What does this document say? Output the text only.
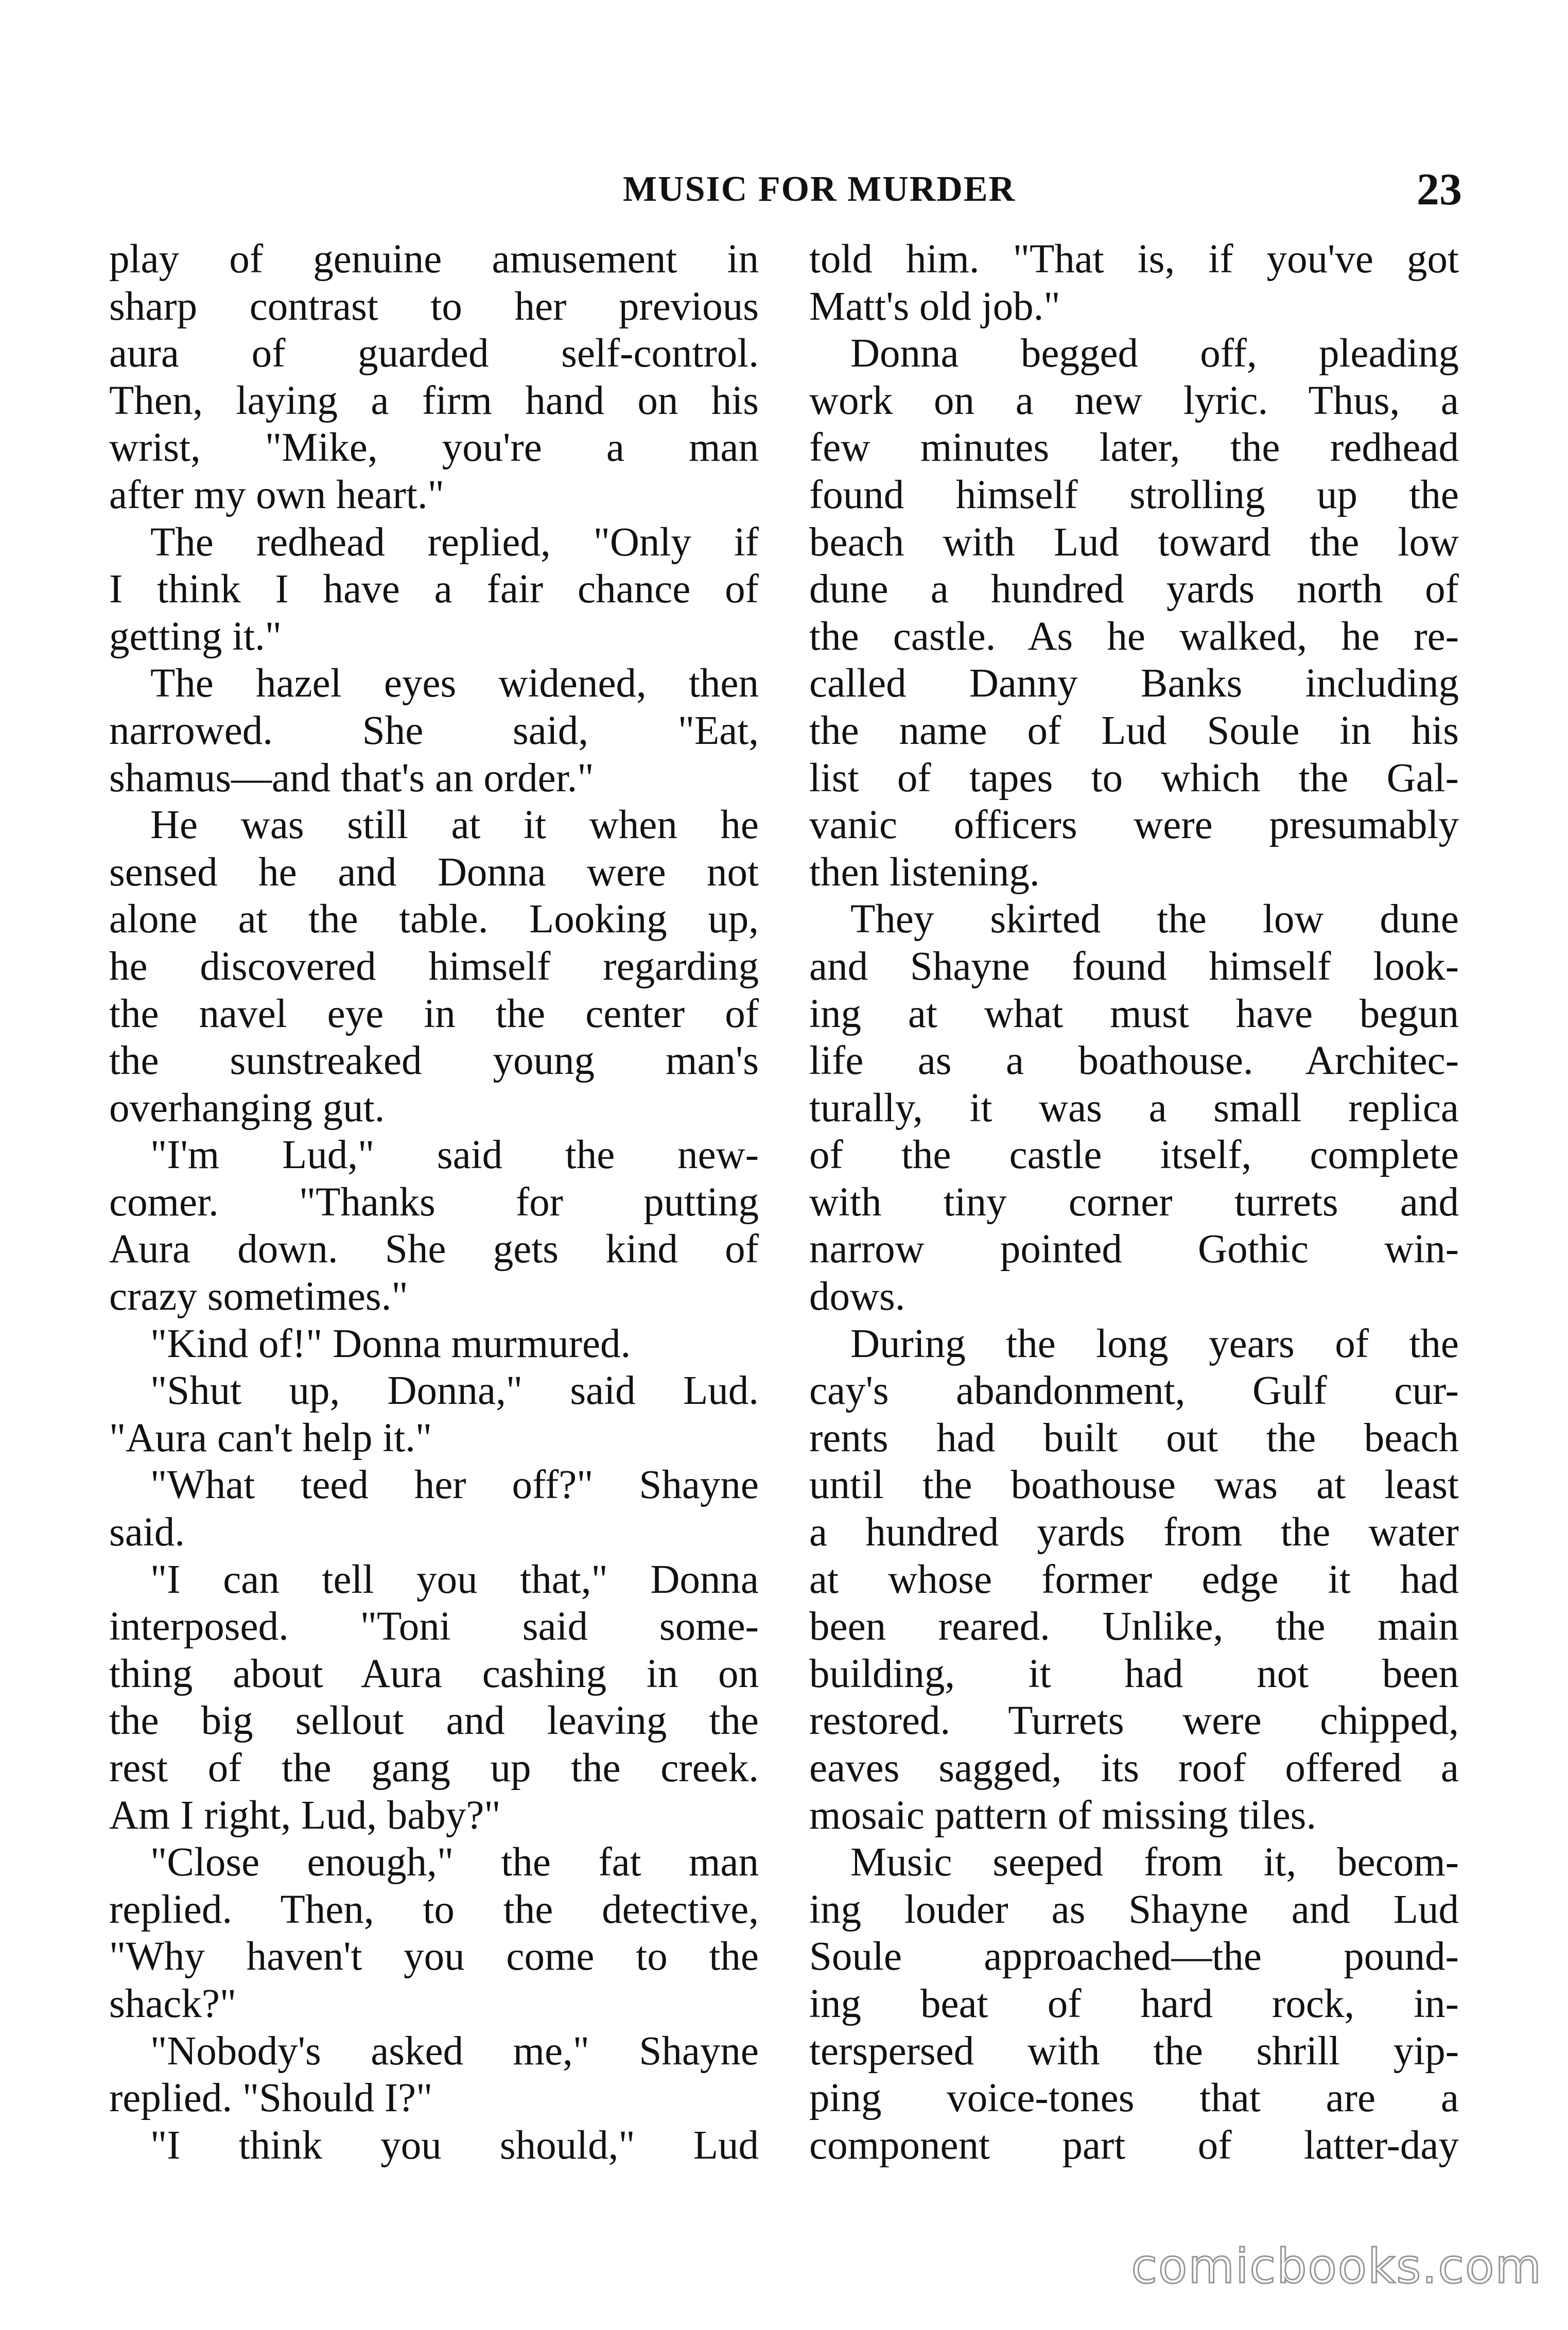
MUSIC FOR MURDER	23
play of genuine amusement in
sharp contrast to her previous
aura of guarded self-control.
Then, laying a firm hand on his
wrist, "Mike, you're a man
after my own heart."
The redhead replied, "Only if
I think I have a fair chance of
getting it."
The hazel eyes widened, then
narrowed. She said, "Eat,
shamus—and that's an order."
He was still at it when he
sensed he and Donna were not
alone at the table. Looking up,
he discovered himself regarding
the navel eye in the center of
the sunstreaked young man's
overhanging gut.
"I'm Lud," said the new-
comer. "Thanks for putting
Aura down. She gets kind of
crazy sometimes."
"Kind of!" Donna murmured.
"Shut up, Donna," said Lud.
"Aura can't help it."
"What teed her off?" Shayne
said.
"I can tell you that," Donna
interposed. "Toni said some-
thing about Aura cashing in on
the big sellout and leaving the
rest of the gang up the creek.
Am I right, Lud, baby?"
"Close enough," the fat man
replied. Then, to the detective,
"Why haven't you come to the
shack?"
"Nobody's asked me," Shayne
replied. "Should I?"
"I think you should," Lud
told him. "That is, if you've got
Matt's old job."
Donna begged off, pleading
work on a new lyric. Thus, a
few minutes later, the redhead
found himself strolling up the
beach with Lud toward the low
dune a hundred yards north of
the castle. As he walked, he re-
called Danny Banks including
the name of Lud Soule in his
list of tapes to which the Gal-
vanic officers were presumably
then listening.
They skirted the low dune
and Shayne found himself look-
ing at what must have begun
life as a boathouse. Architec-
turally, it was a small replica
of the castle itself, complete
with tiny corner turrets and
narrow pointed Gothic win-
dows.
During the long years of the
cay's abandonment, Gulf cur-
rents had built out the beach
until the boathouse was at least
a hundred yards from the water
at whose former edge it had
been reared. Unlike, the main
building, it had not been
restored. Turrets were chipped,
eaves sagged, its roof offered a
mosaic pattern of missing tiles.
Music seeped from it, becom-
ing louder as Shayne and Lud
Soule approached—the pound-
ing beat of hard rock, in-
terspersed with the shrill yip-
ping voice-tones that are a
component part of latter-day
comicbooks.com
